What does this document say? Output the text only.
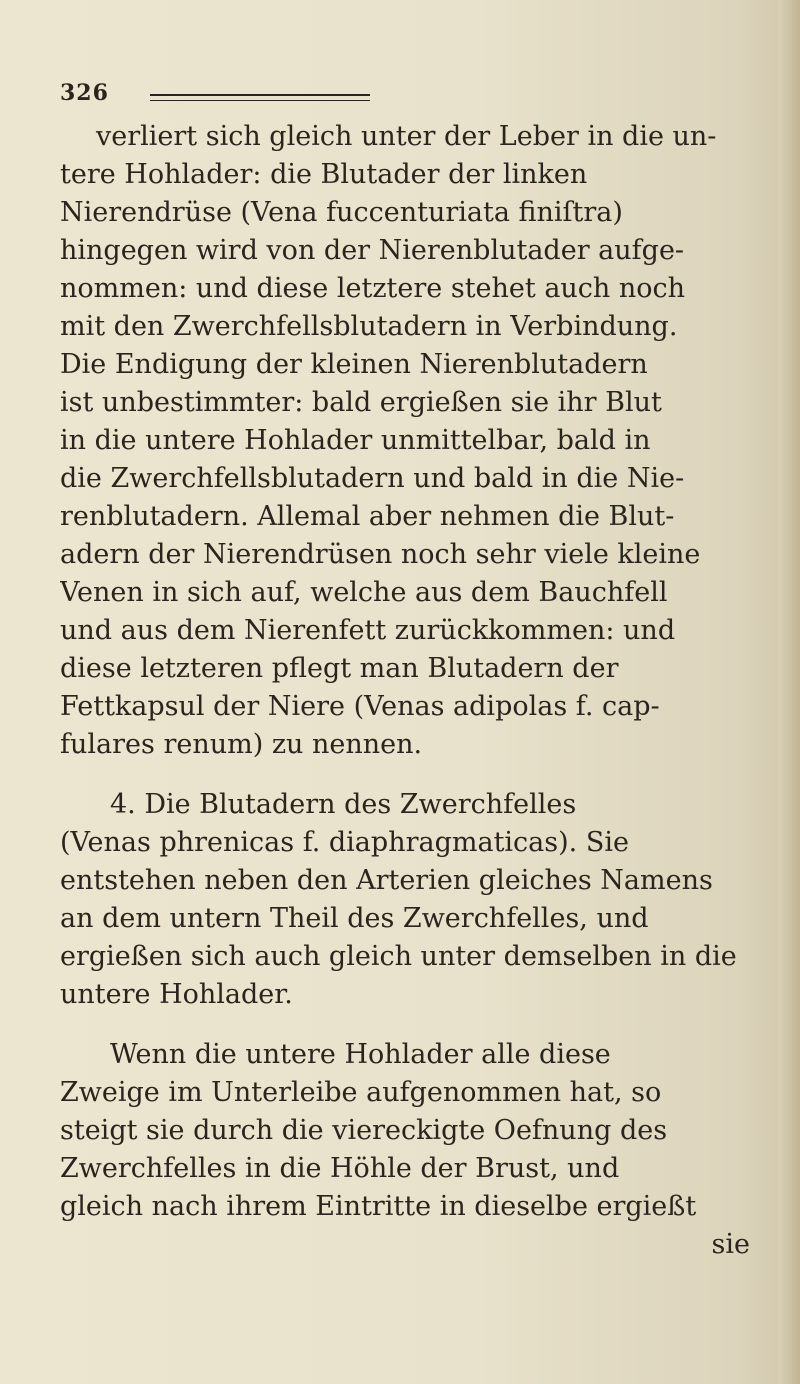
326
verliert sich gleich unter der Leber in die un-
tere Hohlader: die Blutader der linken
Nierendrüse (Vena fuccenturiata finiſtra)
hingegen wird von der Nierenblutader aufge-
nommen: und diese letztere stehet auch noch
mit den Zwerchfellsblutadern in Verbindung.
Die Endigung der kleinen Nierenblutadern
ist unbestimmter: bald ergießen sie ihr Blut
in die untere Hohlader unmittelbar, bald in
die Zwerchfellsblutadern und bald in die Nie-
renblutadern. Allemal aber nehmen die Blut-
adern der Nierendrüsen noch sehr viele kleine
Venen in sich auf, welche aus dem Bauchfell
und aus dem Nierenfett zurückkommen: und
diese letzteren pflegt man Blutadern der
Fettkapsul der Niere (Venas adipolas f. cap-
fulares renum) zu nennen.
4. Die Blutadern des Zwerchfelles
(Venas phrenicas f. diaphragmaticas). Sie
entstehen neben den Arterien gleiches Namens
an dem untern Theil des Zwerchfelles, und
ergießen sich auch gleich unter demselben in die
untere Hohlader.
Wenn die untere Hohlader alle diese
Zweige im Unterleibe aufgenommen hat, so
steigt sie durch die viereckigte Oefnung des
Zwerchfelles in die Höhle der Brust, und
gleich nach ihrem Eintritte in dieselbe ergießt
sie
